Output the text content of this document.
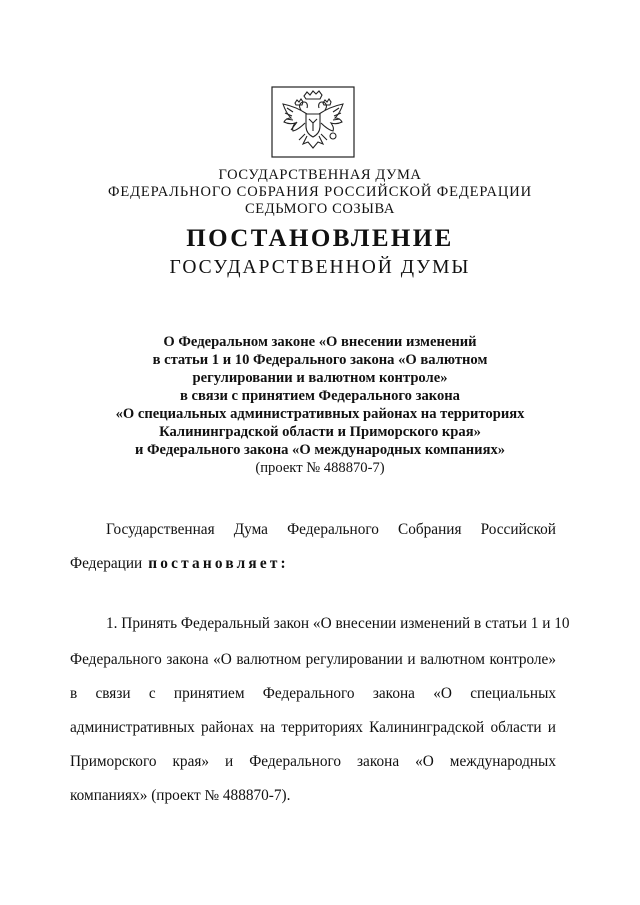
ГОСУДАРСТВЕННАЯ ДУМА
ФЕДЕРАЛЬНОГО СОБРАНИЯ РОССИЙСКОЙ ФЕДЕРАЦИИ
СЕДЬМОГО СОЗЫВА
ПОСТАНОВЛЕНИЕ
ГОСУДАРСТВЕННОЙ ДУМЫ
О Федеральном законе «О внесении изменений
в статьи 1 и 10 Федерального закона «О валютном
регулировании и валютном контроле»
в связи с принятием Федерального закона
«О специальных административных районах на территориях
Калининградской области и Приморского края»
и Федерального закона «О международных компаниях»
(проект № 488870-7)
Государственная Дума Федерального Собрания Российской
Федерации постановляет:
1. Принять Федеральный закон «О внесении изменений в статьи 1 и 10
Федерального закона «О валютном регулировании и валютном контроле»
в связи с принятием Федерального закона «О специальных
административных районах на территориях Калининградской области и
Приморского края» и Федерального закона «О международных
компаниях» (проект № 488870-7).
